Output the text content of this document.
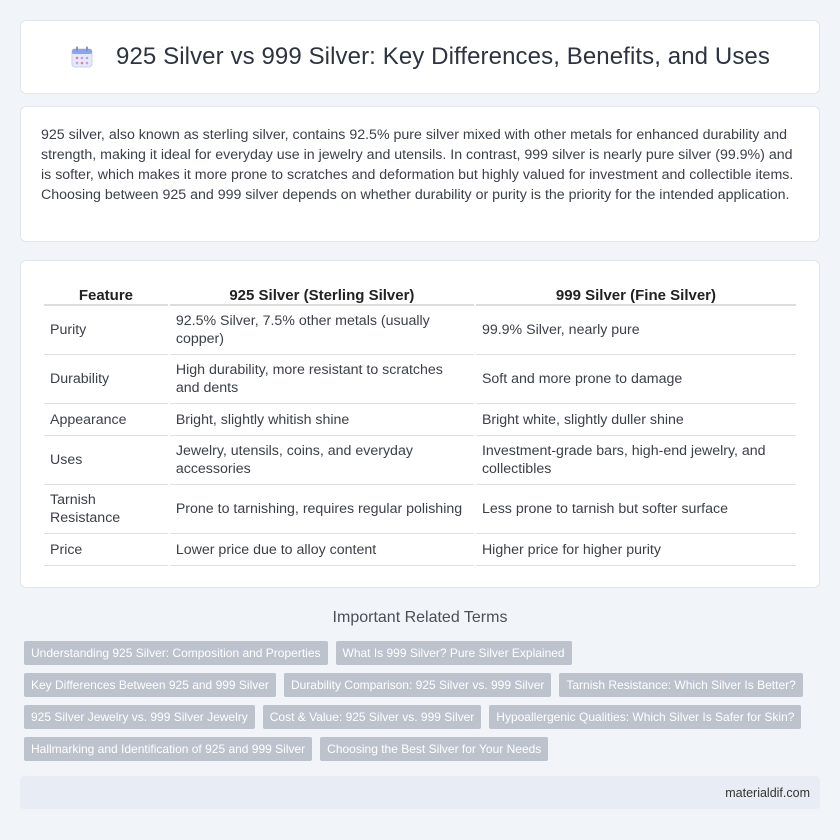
925 Silver vs 999 Silver: Key Differences, Benefits, and Uses

925 silver, also known as sterling silver, contains 92.5% pure silver mixed with other metals for enhanced durability and strength, making it ideal for everyday use in jewelry and utensils. In contrast, 999 silver is nearly pure silver (99.9%) and is softer, which makes it more prone to scratches and deformation but highly valued for investment and collectible items. Choosing between 925 and 999 silver depends on whether durability or purity is the priority for the intended application.

Feature	925 Silver (Sterling Silver)	999 Silver (Fine Silver)
Purity	92.5% Silver, 7.5% other metals (usually copper)	99.9% Silver, nearly pure
Durability	High durability, more resistant to scratches and dents	Soft and more prone to damage
Appearance	Bright, slightly whitish shine	Bright white, slightly duller shine
Uses	Jewelry, utensils, coins, and everyday accessories	Investment-grade bars, high-end jewelry, and collectibles
Tarnish Resistance	Prone to tarnishing, requires regular polishing	Less prone to tarnish but softer surface
Price	Lower price due to alloy content	Higher price for higher purity
Important Related Terms
Understanding 925 Silver: Composition and Properties	What Is 999 Silver? Pure Silver Explained
Key Differences Between 925 and 999 Silver	Durability Comparison: 925 Silver vs. 999 Silver	Tarnish Resistance: Which Silver Is Better?
925 Silver Jewelry vs. 999 Silver Jewelry	Cost & Value: 925 Silver vs. 999 Silver	Hypoallergenic Qualities: Which Silver Is Safer for Skin?
Hallmarking and Identification of 925 and 999 Silver	Choosing the Best Silver for Your Needs
materialdif.com
